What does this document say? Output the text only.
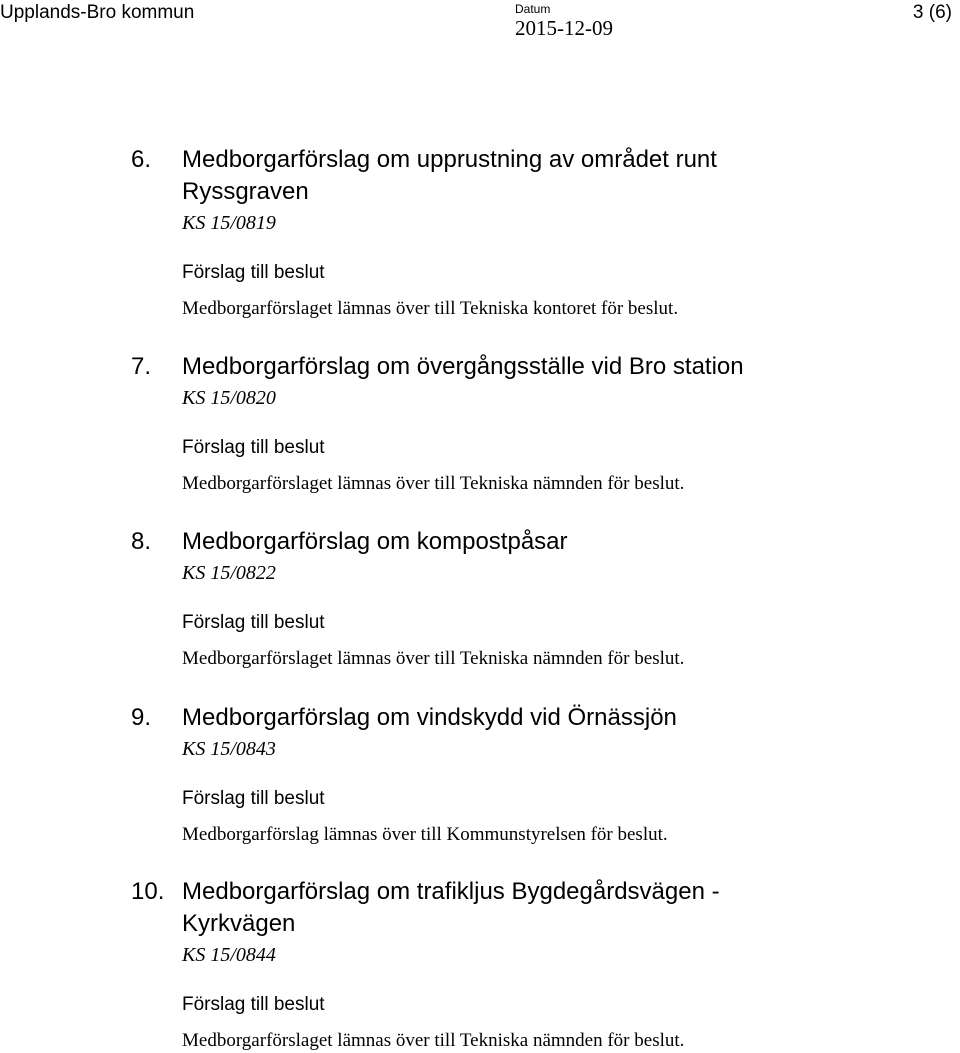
Upplands-Bro kommun	Datum
2015-12-09
3 (6)
6. Medborgarförslag om upprustning av området runt Ryssgraven
KS 15/0819
Förslag till beslut
Medborgarförslaget lämnas över till Tekniska kontoret för beslut.
7. Medborgarförslag om övergångsställe vid Bro station
KS 15/0820
Förslag till beslut
Medborgarförslaget lämnas över till Tekniska nämnden för beslut.
8. Medborgarförslag om kompostpåsar
KS 15/0822
Förslag till beslut
Medborgarförslaget lämnas över till Tekniska nämnden för beslut.
9. Medborgarförslag om vindskydd vid Örnässjön
KS 15/0843
Förslag till beslut
Medborgarförslag lämnas över till Kommunstyrelsen för beslut.
10. Medborgarförslag om trafikljus Bygdegårdsvägen - Kyrkvägen
KS 15/0844
Förslag till beslut
Medborgarförslaget lämnas över till Tekniska nämnden för beslut.
